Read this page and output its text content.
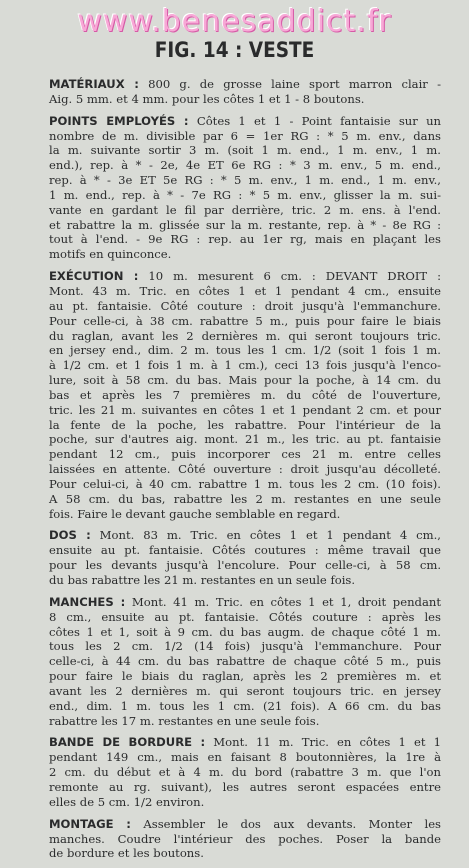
www.benesaddict.fr
FIG. 14 : VESTE

MATÉRIAUX : 800 g. de grosse laine sport marron clair -
Aig. 5 mm. et 4 mm. pour les côtes 1 et 1 - 8 boutons.

POINTS EMPLOYÉS : Côtes 1 et 1 - Point fantaisie sur un
nombre de m. divisible par 6 = 1er RG : * 5 m. env., dans
la m. suivante sortir 3 m. (soit 1 m. end., 1 m. env., 1 m.
end.), rep. à * - 2e, 4e ET 6e RG : * 3 m. env., 5 m. end.,
rep. à * - 3e ET 5e RG : * 5 m. env., 1 m. end., 1 m. env.,
1 m. end., rep. à * - 7e RG : * 5 m. env., glisser la m. sui-
vante en gardant le fil par derrière, tric. 2 m. ens. à l'end.
et rabattre la m. glissée sur la m. restante, rep. à * - 8e RG :
tout à l'end. - 9e RG : rep. au 1er rg, mais en plaçant les
motifs en quinconce.

EXÉCUTION : 10 m. mesurent 6 cm. : DEVANT DROIT :
Mont. 43 m. Tric. en côtes 1 et 1 pendant 4 cm., ensuite
au pt. fantaisie. Côté couture : droit jusqu'à l'emmanchure.
Pour celle-ci, à 38 cm. rabattre 5 m., puis pour faire le biais
du raglan, avant les 2 dernières m. qui seront toujours tric.
en jersey end., dim. 2 m. tous les 1 cm. 1/2 (soit 1 fois 1 m.
à 1/2 cm. et 1 fois 1 m. à 1 cm.), ceci 13 fois jusqu'à l'enco-
lure, soit à 58 cm. du bas. Mais pour la poche, à 14 cm. du
bas et après les 7 premières m. du côté de l'ouverture,
tric. les 21 m. suivantes en côtes 1 et 1 pendant 2 cm. et pour
la fente de la poche, les rabattre. Pour l'intérieur de la
poche, sur d'autres aig. mont. 21 m., les tric. au pt. fantaisie
pendant 12 cm., puis incorporer ces 21 m. entre celles
laissées en attente. Côté ouverture : droit jusqu'au décolleté.
Pour celui-ci, à 40 cm. rabattre 1 m. tous les 2 cm. (10 fois).
A 58 cm. du bas, rabattre les 2 m. restantes en une seule
fois. Faire le devant gauche semblable en regard.

DOS : Mont. 83 m. Tric. en côtes 1 et 1 pendant 4 cm.,
ensuite au pt. fantaisie. Côtés coutures : même travail que
pour les devants jusqu'à l'encolure. Pour celle-ci, à 58 cm.
du bas rabattre les 21 m. restantes en un seule fois.

MANCHES : Mont. 41 m. Tric. en côtes 1 et 1, droit pendant
8 cm., ensuite au pt. fantaisie. Côtés couture : après les
côtes 1 et 1, soit à 9 cm. du bas augm. de chaque côté 1 m.
tous les 2 cm. 1/2 (14 fois) jusqu'à l'emmanchure. Pour
celle-ci, à 44 cm. du bas rabattre de chaque côté 5 m., puis
pour faire le biais du raglan, après les 2 premières m. et
avant les 2 dernières m. qui seront toujours tric. en jersey
end., dim. 1 m. tous les 1 cm. (21 fois). A 66 cm. du bas
rabattre les 17 m. restantes en une seule fois.

BANDE DE BORDURE : Mont. 11 m. Tric. en côtes 1 et 1
pendant 149 cm., mais en faisant 8 boutonnières, la 1re à
2 cm. du début et à 4 m. du bord (rabattre 3 m. que l'on
remonte au rg. suivant), les autres seront espacées entre
elles de 5 cm. 1/2 environ.

MONTAGE : Assembler le dos aux devants. Monter les
manches. Coudre l'intérieur des poches. Poser la bande
de bordure et les boutons.
